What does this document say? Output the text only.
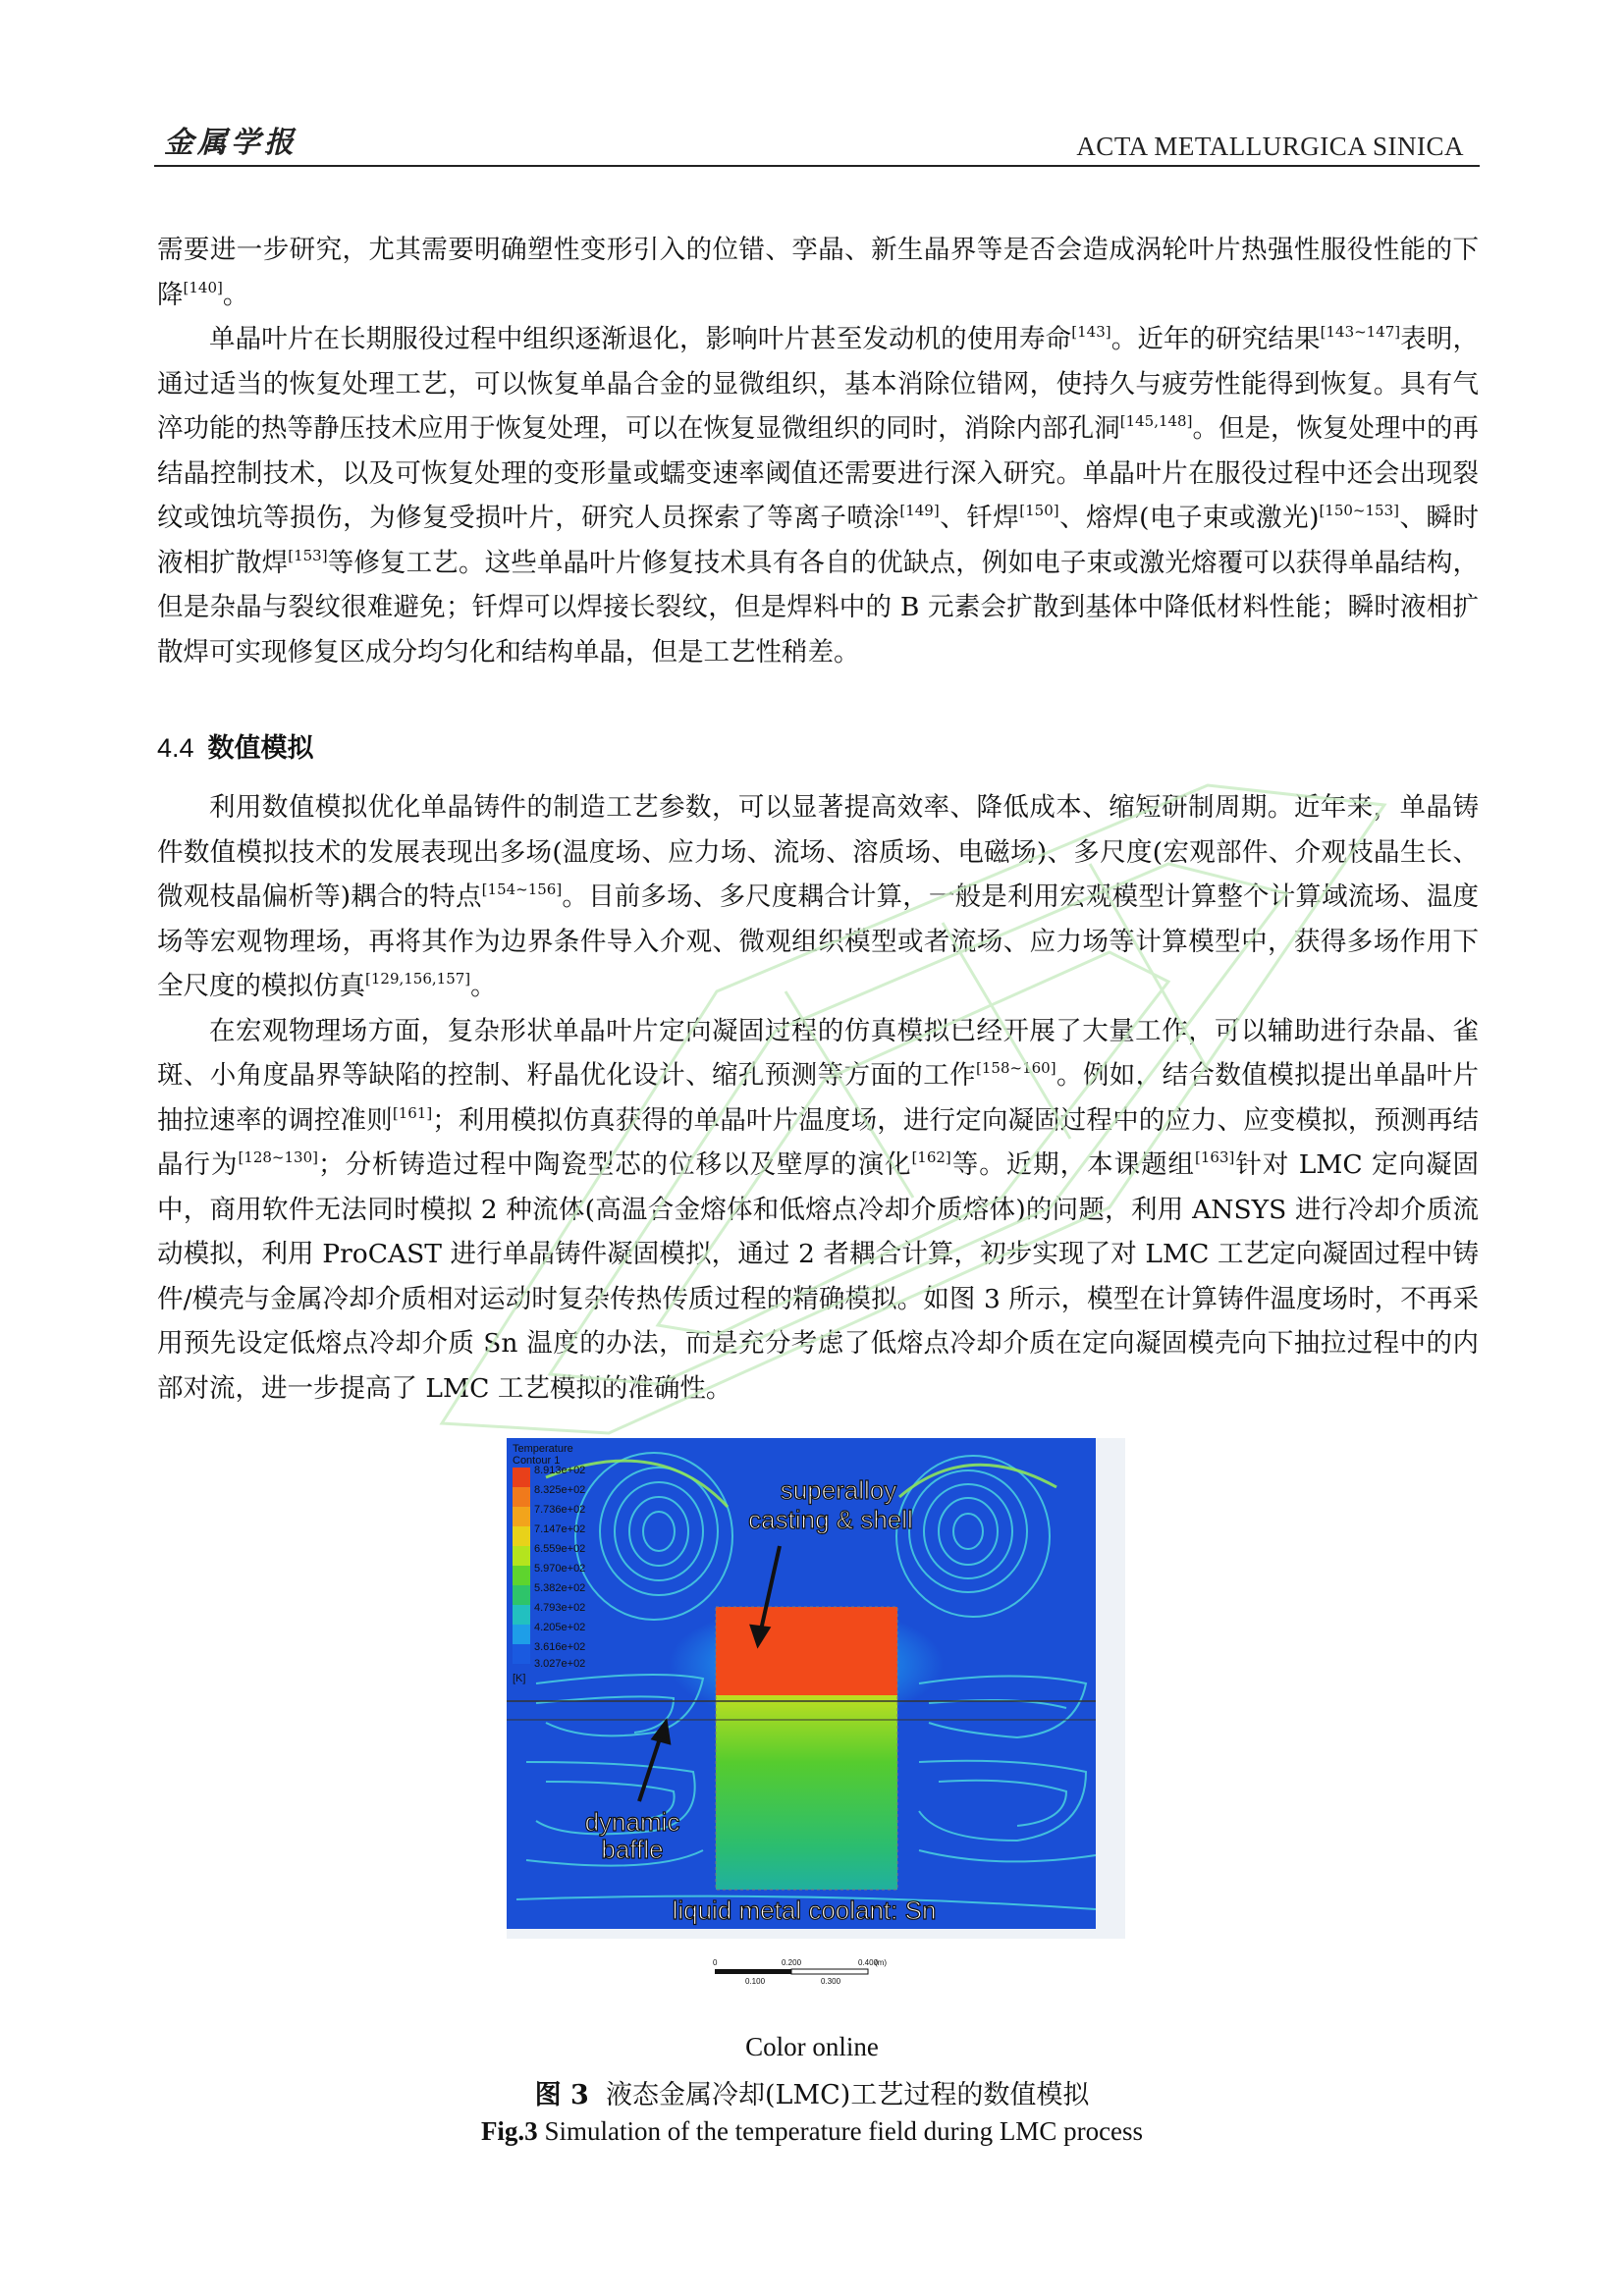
金属学报	ACTA METALLURGICA SINICA

需要进一步研究，尤其需要明确塑性变形引入的位错、孪晶、新生晶界等是否会造成涡轮叶片热强性服役性能的下降[140]。

单晶叶片在长期服役过程中组织逐渐退化，影响叶片甚至发动机的使用寿命[143]。近年的研究结果[143~147]表明，通过适当的恢复处理工艺，可以恢复单晶合金的显微组织，基本消除位错网，使持久与疲劳性能得到恢复。具有气淬功能的热等静压技术应用于恢复处理，可以在恢复显微组织的同时，消除内部孔洞[145,148]。但是，恢复处理中的再结晶控制技术，以及可恢复处理的变形量或蠕变速率阈值还需要进行深入研究。单晶叶片在服役过程中还会出现裂纹或蚀坑等损伤，为修复受损叶片，研究人员探索了等离子喷涂[149]、钎焊[150]、熔焊(电子束或激光)[150~153]、瞬时液相扩散焊[153]等修复工艺。这些单晶叶片修复技术具有各自的优缺点，例如电子束或激光熔覆可以获得单晶结构，但是杂晶与裂纹很难避免；钎焊可以焊接长裂纹，但是焊料中的 B 元素会扩散到基体中降低材料性能；瞬时液相扩散焊可实现修复区成分均匀化和结构单晶，但是工艺性稍差。

4.4 数值模拟

利用数值模拟优化单晶铸件的制造工艺参数，可以显著提高效率、降低成本、缩短研制周期。近年来，单晶铸件数值模拟技术的发展表现出多场(温度场、应力场、流场、溶质场、电磁场)、多尺度(宏观部件、介观枝晶生长、微观枝晶偏析等)耦合的特点[154~156]。目前多场、多尺度耦合计算，一般是利用宏观模型计算整个计算域流场、温度场等宏观物理场，再将其作为边界条件导入介观、微观组织模型或者流场、应力场等计算模型中，获得多场作用下全尺度的模拟仿真[129,156,157]。

在宏观物理场方面，复杂形状单晶叶片定向凝固过程的仿真模拟已经开展了大量工作，可以辅助进行杂晶、雀斑、小角度晶界等缺陷的控制、籽晶优化设计、缩孔预测等方面的工作[158~160]。例如，结合数值模拟提出单晶叶片抽拉速率的调控准则[161]；利用模拟仿真获得的单晶叶片温度场，进行定向凝固过程中的应力、应变模拟，预测再结晶行为[128~130]；分析铸造过程中陶瓷型芯的位移以及壁厚的演化[162]等。近期，本课题组[163]针对 LMC 定向凝固中，商用软件无法同时模拟 2 种流体(高温合金熔体和低熔点冷却介质熔体)的问题，利用 ANSYS 进行冷却介质流动模拟，利用 ProCAST 进行单晶铸件凝固模拟，通过 2 者耦合计算，初步实现了对 LMC 工艺定向凝固过程中铸件/模壳与金属冷却介质相对运动时复杂传热传质过程的精确模拟。如图 3 所示，模型在计算铸件温度场时，不再采用预先设定低熔点冷却介质 Sn 温度的办法，而是充分考虑了低熔点冷却介质在定向凝固模壳向下抽拉过程中的内部对流，进一步提高了 LMC 工艺模拟的准确性。

Temperature
Contour 1
8.913e+02
8.325e+02
7.736e+02
7.147e+02
6.559e+02
5.970e+02
5.382e+02
4.793e+02
4.205e+02
3.616e+02
3.027e+02
[K]
superalloy
casting & shell
dynamic
baffle
liquid metal coolant: Sn
0	0.200	0.400
(m)
0.100	0.300
Color online
图 3 液态金属冷却(LMC)工艺过程的数值模拟
Fig.3 Simulation of the temperature field during LMC process
